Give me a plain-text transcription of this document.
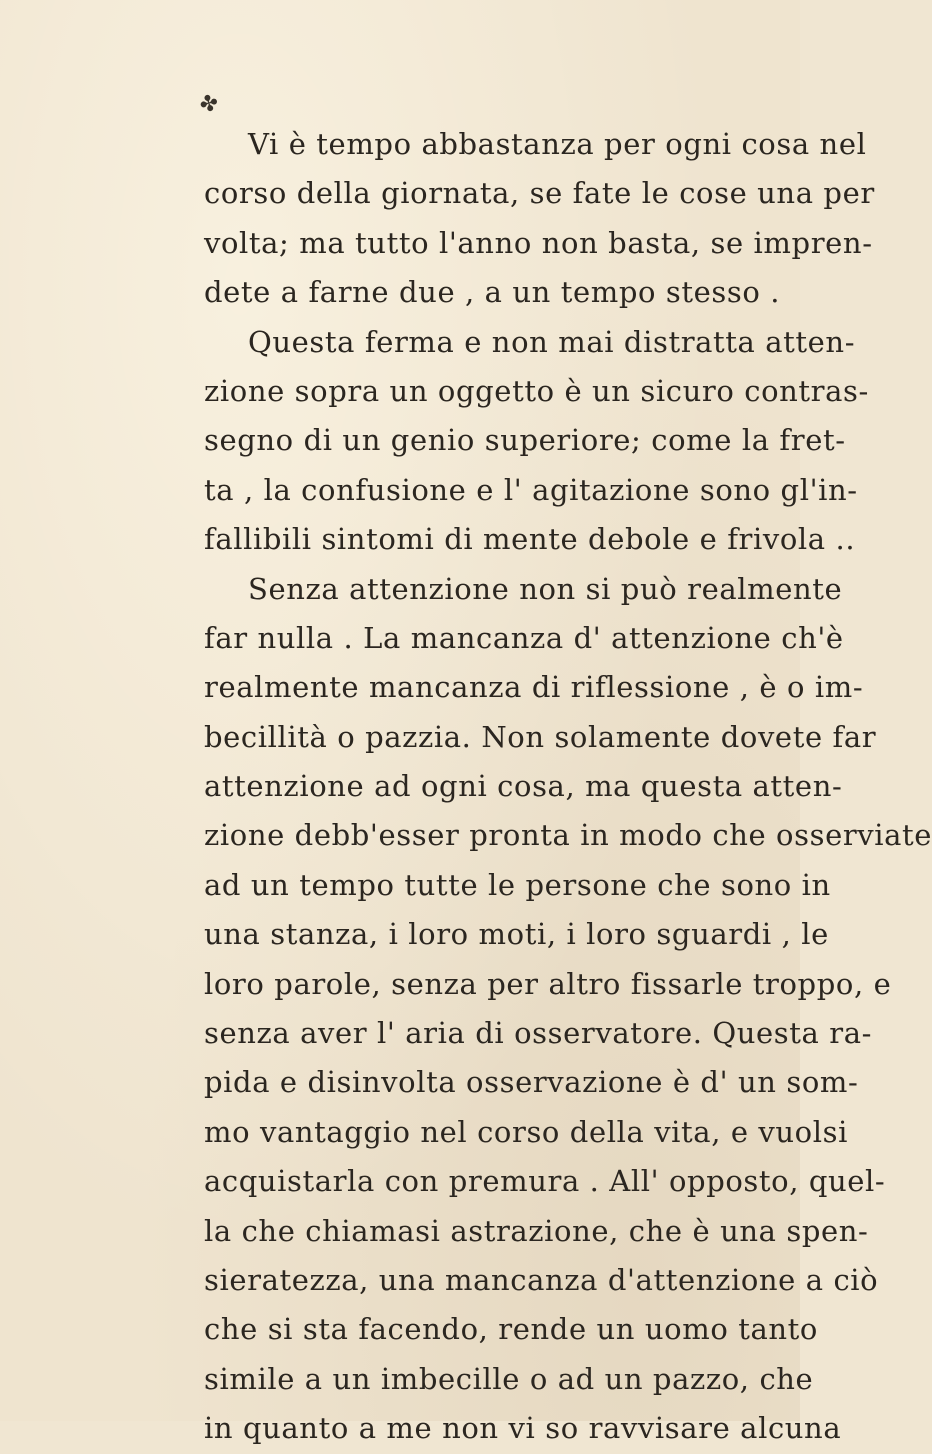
✤
Vi è tempo abbastanza per ogni cosa nel
corso della giornata, se fate le cose una per
volta; ma tutto l'anno non basta, se impren-
dete a farne due , a un tempo stesso .
Questa ferma e non mai distratta atten-
zione sopra un oggetto è un sicuro contras-
segno di un genio superiore; come la fret-
ta , la confusione e l' agitazione sono gl'in-
fallibili sintomi di mente debole e frivola ..
Senza attenzione non si può realmente
far nulla . La mancanza d' attenzione ch'è
realmente mancanza di riflessione , è o im-
becillità o pazzia. Non solamente dovete far
attenzione ad ogni cosa, ma questa atten-
zione debb'esser pronta in modo che osserviate
ad un tempo tutte le persone che sono in
una stanza, i loro moti, i loro sguardi , le
loro parole, senza per altro fissarle troppo, e
senza aver l' aria di osservatore. Questa ra-
pida e disinvolta osservazione è d' un som-
mo vantaggio nel corso della vita, e vuolsi
acquistarla con premura . All' opposto, quel-
la che chiamasi astrazione, che è una spen-
sieratezza, una mancanza d'attenzione a ciò
che si sta facendo, rende un uomo tanto
simile a un imbecille o ad un pazzo, che
in quanto a me non vi so ravvisare alcuna
